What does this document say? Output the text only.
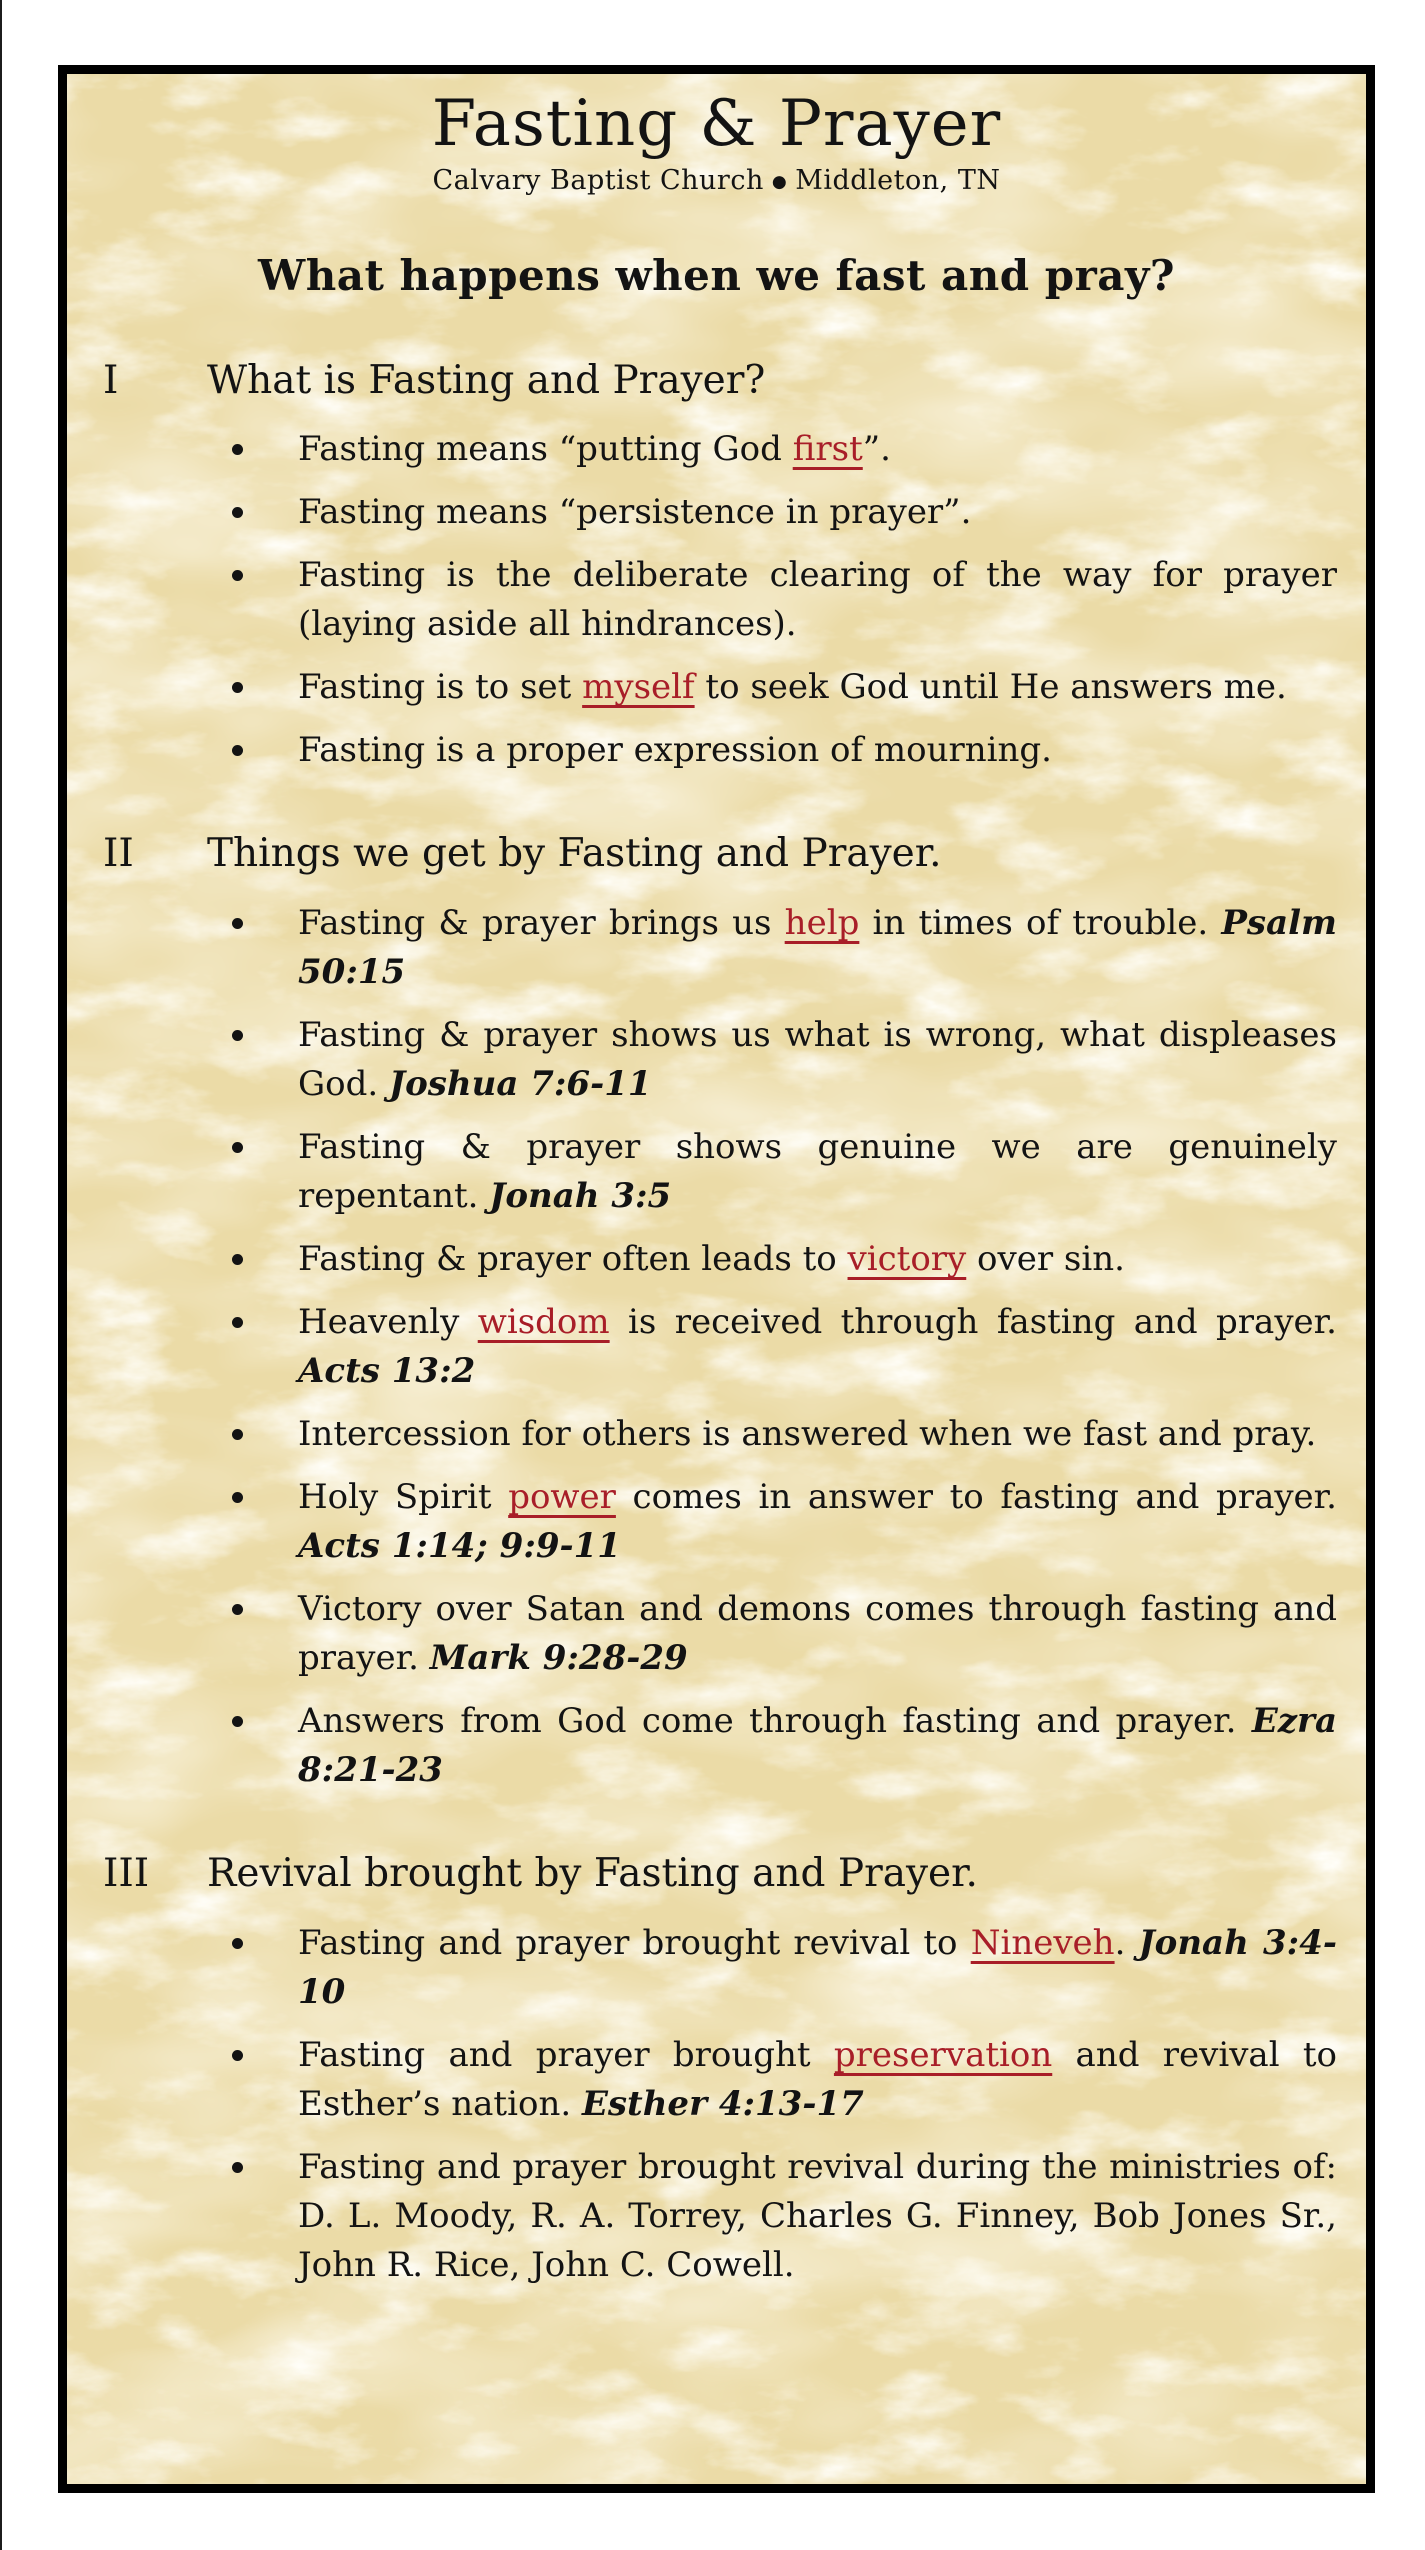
Fasting & Prayer
Calvary Baptist Church ● Middleton, TN
What happens when we fast and pray?
I	What is Fasting and Prayer?
Fasting means “putting God first”.
Fasting means “persistence in prayer”.
Fasting is the deliberate clearing of the way for prayer (laying aside all hindrances).
Fasting is to set myself to seek God until He answers me.
Fasting is a proper expression of mourning.
II	Things we get by Fasting and Prayer.
Fasting & prayer brings us help in times of trouble. Psalm 50:15
Fasting & prayer shows us what is wrong, what displeases God. Joshua 7:6-11
Fasting & prayer shows genuine we are genuinely repentant. Jonah 3:5
Fasting & prayer often leads to victory over sin.
Heavenly wisdom is received through fasting and prayer. Acts 13:2
Intercession for others is answered when we fast and pray.
Holy Spirit power comes in answer to fasting and prayer. Acts 1:14; 9:9-11
Victory over Satan and demons comes through fasting and prayer. Mark 9:28-29
Answers from God come through fasting and prayer. Ezra 8:21-23
III	Revival brought by Fasting and Prayer.
Fasting and prayer brought revival to Nineveh. Jonah 3:4-10
Fasting and prayer brought preservation and revival to Esther’s nation. Esther 4:13-17
Fasting and prayer brought revival during the ministries of: D. L. Moody, R. A. Torrey, Charles G. Finney, Bob Jones Sr., John R. Rice, John C. Cowell.
